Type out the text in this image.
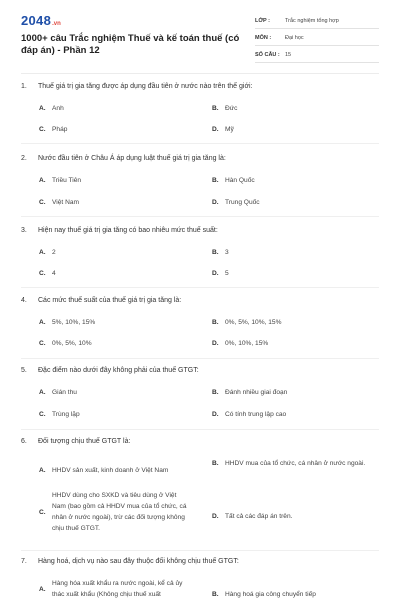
2048 .vn
1000+ câu Trắc nghiệm Thuế và kế toán thuế (có đáp án) - Phần 12
LỚP :	Trắc nghiệm tổng hợp
MÔN :	Đại học
SỐ CÂU : 15
1.	Thuế giá trị gia tăng được áp dụng đầu tiên ở nước nào trên thế giới:
A. Anh	B. Đức
C. Pháp	D. Mỹ
2.	Nước đầu tiên ở Châu Á áp dụng luật thuế giá trị gia tăng là:
A. Triều Tiên	B. Hàn Quốc
C. Việt Nam	D. Trung Quốc
3.	Hiện nay thuế giá trị gia tăng có bao nhiêu mức thuế suất:
A. 2	B. 3
C. 4	D. 5
4.	Các mức thuế suất của thuế giá trị gia tăng là:
A. 5%, 10%, 15%	B. 0%, 5%, 10%, 15%
C. 0%, 5%, 10%	D. 0%, 10%, 15%
5.	Đặc điểm nào dưới đây không phải của thuế GTGT:
A. Gián thu	B. Đánh nhiều giai đoạn
C. Trùng lặp	D. Có tính trung lập cao
6.	Đối tượng chịu thuế GTGT là:
A. HHDV sản xuất, kinh doanh ở Việt Nam
B. HHDV mua của tổ chức, cá nhân ở nước ngoài.
C.
HHDV dùng cho SXKD và tiêu dùng ở Việt Nam (bao gồm cả HHDV mua của tổ chức, cá nhân ở nước ngoài), trừ các đối tượng không chịu thuế GTGT.
D. Tất cả các đáp án trên.
7.	Hàng hoá, dịch vụ nào sau đây thuộc đối không chịu thuế GTGT:
A.
Hàng hóa xuất khẩu ra nước ngoài, kể cả ủy thác xuất khẩu (Không chịu thuế xuất	B. Hàng hoá gia công chuyển tiếp
